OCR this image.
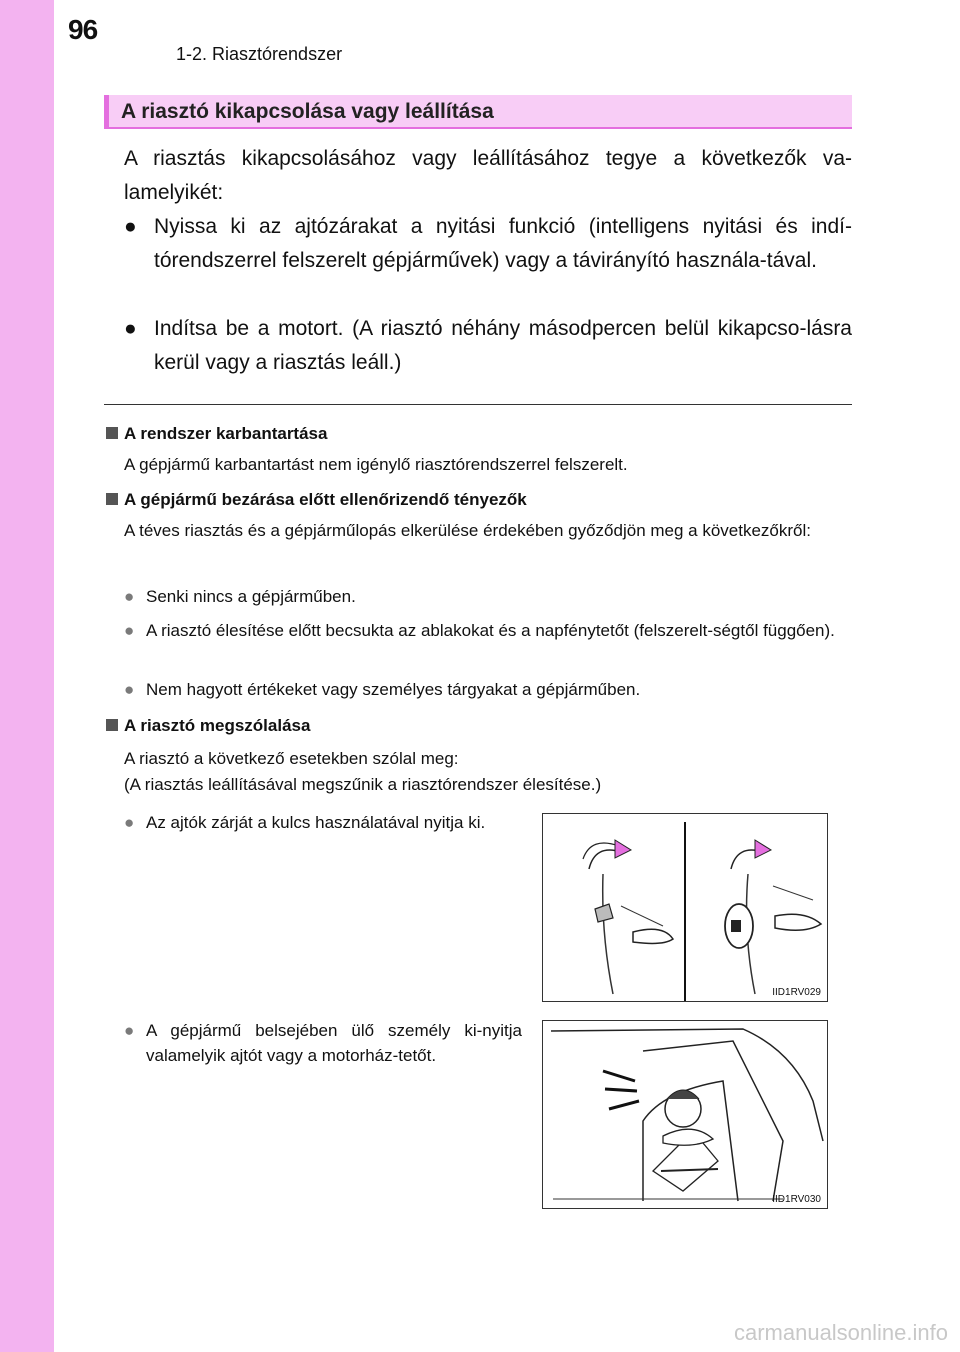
96
1-2. Riasztórendszer
A riasztó kikapcsolása vagy leállítása
A riasztás kikapcsolásához vagy leállításához tegye a következők va-lamelyikét:
● Nyissa ki az ajtózárakat a nyitási funkció (intelligens nyitási és indí-tórendszerrel felszerelt gépjárművek) vagy a távirányító használa-tával.
● Indítsa be a motort. (A riasztó néhány másodpercen belül kikapcso-lásra kerül vagy a riasztás leáll.)
A rendszer karbantartása
A gépjármű karbantartást nem igénylő riasztórendszerrel felszerelt.
A gépjármű bezárása előtt ellenőrizendő tényezők
A téves riasztás és a gépjárműlopás elkerülése érdekében győződjön meg a következőkről:
● Senki nincs a gépjárműben.
● A riasztó élesítése előtt becsukta az ablakokat és a napfénytetőt (felszerelt-ségtől függően).
● Nem hagyott értékeket vagy személyes tárgyakat a gépjárműben.
A riasztó megszólalása
A riasztó a következő esetekben szólal meg:
(A riasztás leállításával megszűnik a riasztórendszer élesítése.)
● Az ajtók zárját a kulcs használatával nyitja ki.
● A gépjármű belsejében ülő személy ki-nyitja valamelyik ajtót vagy a motorház-tetőt.
IID1RV029
IID1RV030
carmanualsonline.info
